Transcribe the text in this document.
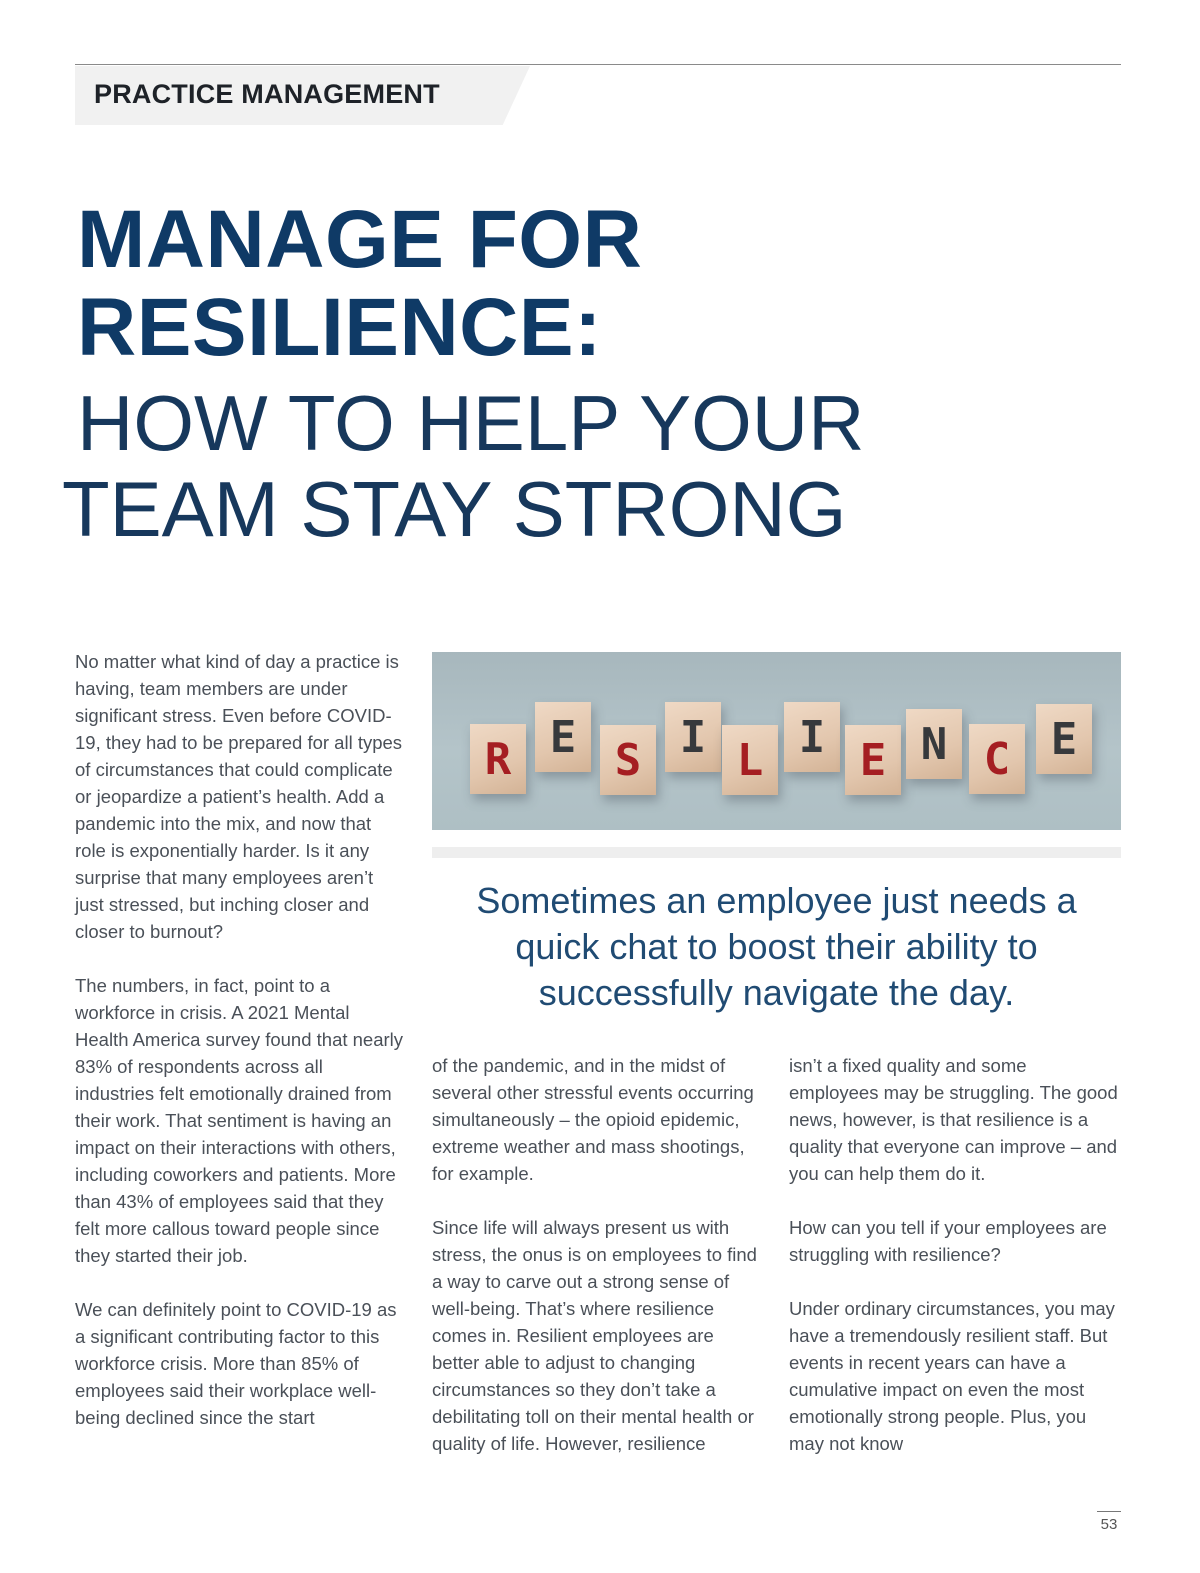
PRACTICE MANAGEMENT
MANAGE FOR
RESILIENCE:
HOW TO HELP YOUR
TEAM STAY STRONG

No matter what kind of day a practice is having, team members are under significant stress. Even before COVID-19, they had to be prepared for all types of circumstances that could complicate or jeopardize a patient’s health. Add a pandemic into the mix, and now that role is exponentially harder. Is it any surprise that many employees aren’t just stressed, but inching closer and closer to burnout?

The numbers, in fact, point to a workforce in crisis. A 2021 Mental Health America survey found that nearly 83% of respondents across all industries felt emotionally drained from their work. That sentiment is having an impact on their interactions with others, including coworkers and patients. More than 43% of employees said that they felt more callous toward people since they started their job.

We can definitely point to COVID-19 as a significant contributing factor to this workforce crisis. More than 85% of employees said their workplace well-being declined since the start

R E S I L I E N C E

Sometimes an employee just needs a quick chat to boost their ability to successfully navigate the day.

of the pandemic, and in the midst of several other stressful events occurring simultaneously – the opioid epidemic, extreme weather and mass shootings, for example.

Since life will always present us with stress, the onus is on employees to find a way to carve out a strong sense of well-being. That’s where resilience comes in. Resilient employees are better able to adjust to changing circumstances so they don’t take a debilitating toll on their mental health or quality of life. However, resilience

isn’t a fixed quality and some employees may be struggling. The good news, however, is that resilience is a quality that everyone can improve – and you can help them do it.

How can you tell if your employees are struggling with resilience?

Under ordinary circumstances, you may have a tremendously resilient staff. But events in recent years can have a cumulative impact on even the most emotionally strong people. Plus, you may not know

53
